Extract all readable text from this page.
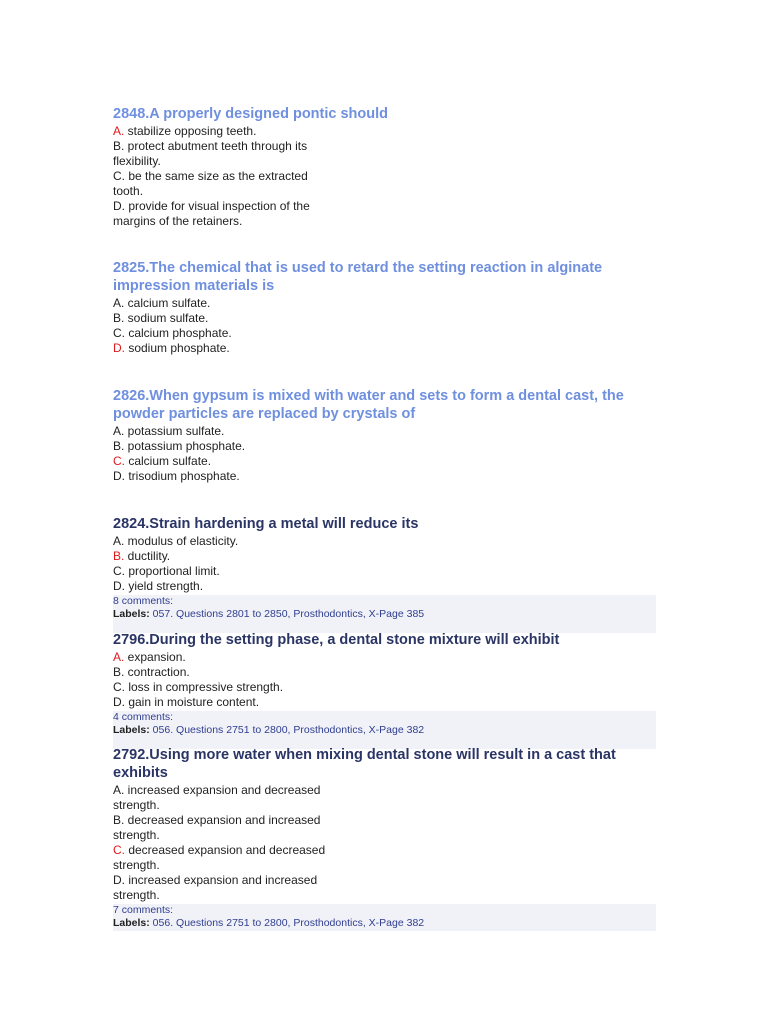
2848.A properly designed pontic should
A. stabilize opposing teeth.
B. protect abutment teeth through its flexibility.
C. be the same size as the extracted tooth.
D. provide for visual inspection of the margins of the retainers.
2825.The chemical that is used to retard the setting reaction in alginate impression materials is
A. calcium sulfate.
B. sodium sulfate.
C. calcium phosphate.
D. sodium phosphate.
2826.When gypsum is mixed with water and sets to form a dental cast, the powder particles are replaced by crystals of
A. potassium sulfate.
B. potassium phosphate.
C. calcium sulfate.
D. trisodium phosphate.
2824.Strain hardening a metal will reduce its
A. modulus of elasticity.
B. ductility.
C. proportional limit.
D. yield strength.
8 comments:
Labels: 057. Questions 2801 to 2850, Prosthodontics, X-Page 385
2796.During the setting phase, a dental stone mixture will exhibit
A. expansion.
B. contraction.
C. loss in compressive strength.
D. gain in moisture content.
4 comments:
Labels: 056. Questions 2751 to 2800, Prosthodontics, X-Page 382
2792.Using more water when mixing dental stone will result in a cast that exhibits
A. increased expansion and decreased strength.
B. decreased expansion and increased strength.
C. decreased expansion and decreased strength.
D. increased expansion and increased strength.
7 comments:
Labels: 056. Questions 2751 to 2800, Prosthodontics, X-Page 382
